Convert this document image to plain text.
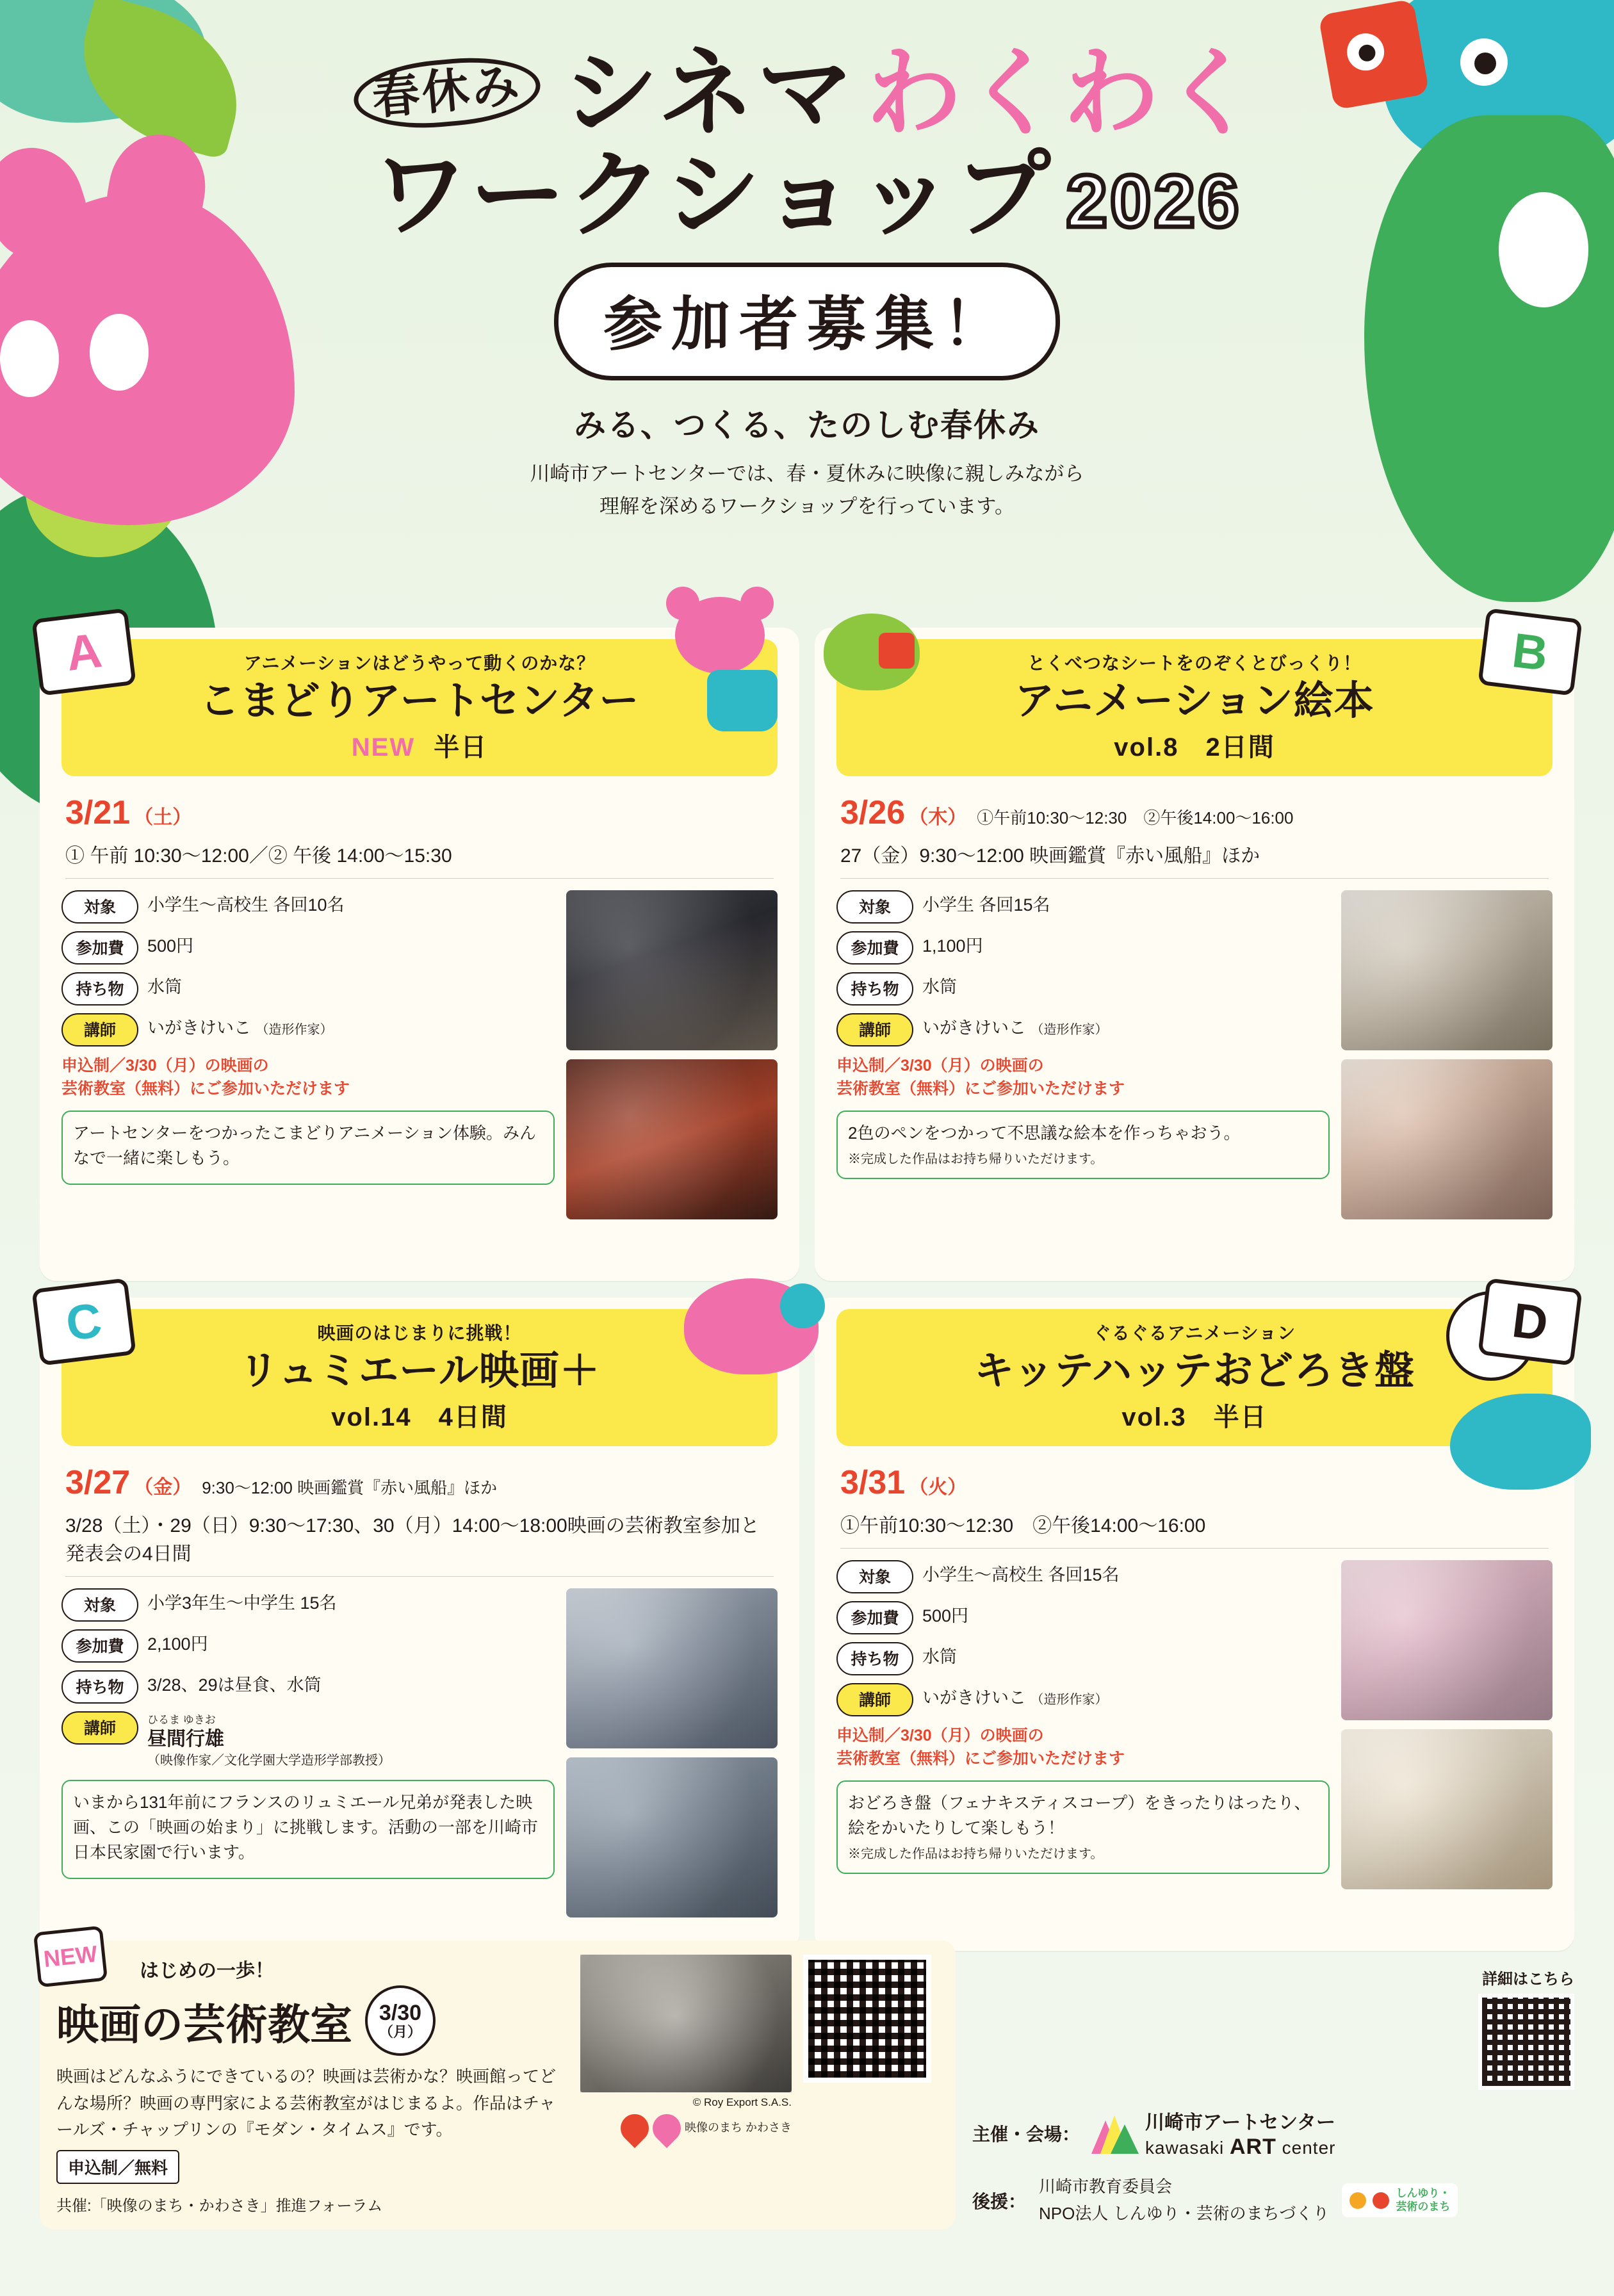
春休み シネマ わくわく
ワークショップ 2026
参加者募集！
みる、つくる、たのしむ春休み
川崎市アートセンターでは、春・夏休みに映像に親しみながら
理解を深めるワークショップを行っています。
A	アニメーションはどうやって動くのかな？
こまどりアートセンター
NEW 半日
3/21 （土）
① 午前 10:30〜12:00／② 午後 14:00〜15:30
対象	小学生〜高校生 各回10名
参加費	500円
持ち物	水筒
講師	いがきけいこ （造形作家）
申込制／3/30（月）の映画の
芸術教室（無料）にご参加いただけます
アートセンターをつかったこまどりアニメーション体験。みんなで一緒に楽しもう。
B
とくべつなシートをのぞくとびっくり！
アニメーション絵本
vol.8　2日間
3/26 （木） ①午前10:30〜12:30　②午後14:00〜16:00
27（金）9:30〜12:00 映画鑑賞『赤い風船』ほか
対象	小学生 各回15名
参加費	1,100円
持ち物	水筒
講師	いがきけいこ （造形作家）
申込制／3/30（月）の映画の
芸術教室（無料）にご参加いただけます
2色のペンをつかって不思議な絵本を作っちゃおう。
※完成した作品はお持ち帰りいただけます。
C	映画のはじまりに挑戦！
リュミエール映画＋
vol.14　4日間
3/27 （金） 9:30〜12:00 映画鑑賞『赤い風船』ほか
3/28（土）・29（日）9:30〜17:30、30（月）14:00〜18:00映画の芸術教室参加と発表会の4日間
対象	小学3年生〜中学生 15名
参加費	2,100円
持ち物	3/28、29は昼食、水筒
講師	ひるま ゆきお
昼間行雄
（映像作家／文化学園大学造形学部教授）
いまから131年前にフランスのリュミエール兄弟が発表した映画、この「映画の始まり」に挑戦します。活動の一部を川崎市日本民家園で行います。
D
ぐるぐるアニメーション
キッテハッテおどろき盤
vol.3　半日
3/31 （火）
①午前10:30〜12:30　②午後14:00〜16:00
対象	小学生〜高校生 各回15名
参加費	500円
持ち物	水筒
講師	いがきけいこ （造形作家）
申込制／3/30（月）の映画の
芸術教室（無料）にご参加いただけます
おどろき盤（フェナキスティスコープ）をきったりはったり、絵をかいたりして楽しもう！
※完成した作品はお持ち帰りいただけます。
NEW	はじめの一歩！
映画の芸術教室 3/30
（月）
映画はどんなふうにできているの？映画は芸術かな？映画館ってどんな場所？映画の専門家による芸術教室がはじまるよ。作品はチャールズ・チャップリンの『モダン・タイムス』です。
申込制／無料
共催:「映像のまち・かわさき」推進フォーラム
© Roy Export S.A.S.
映像のまち かわさき
詳細はこちら
主催・会場：
川崎市アートセンター
kawasaki ART center
後援：
川崎市教育委員会
NPO法人 しんゆり・芸術のまちづくり
しんゆり・
芸術のまち
